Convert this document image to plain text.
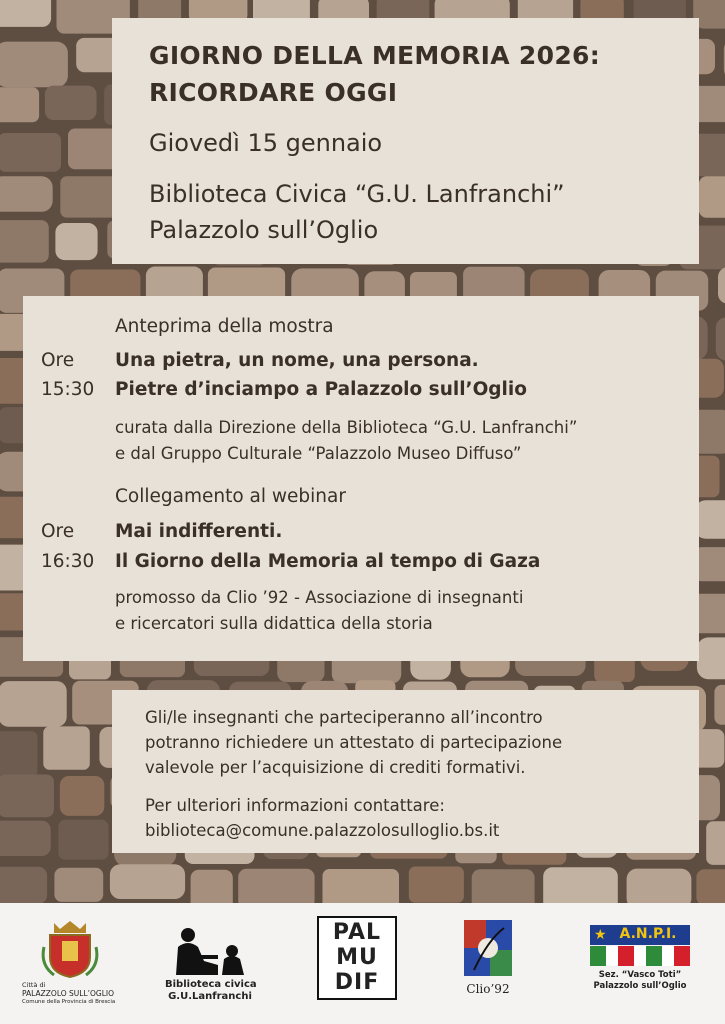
GIORNO DELLA MEMORIA 2026:
RICORDARE OGGI
Giovedì 15 gennaio
Biblioteca Civica “G.U. Lanfranchi”
Palazzolo sull’Oglio
Anteprima della mostra
Ore
15:30
Una pietra, un nome, una persona.
Pietre d’inciampo a Palazzolo sull’Oglio
curata dalla Direzione della Biblioteca “G.U. Lanfranchi”
e dal Gruppo Culturale “Palazzolo Museo Diffuso”
Collegamento al webinar
Ore
16:30
Mai indifferenti.
Il Giorno della Memoria al tempo di Gaza
promosso da Clio ’92 - Associazione di insegnanti
e ricercatori sulla didattica della storia
Gli/le insegnanti che parteciperanno all’incontro
potranno richiedere un attestato di partecipazione
valevole per l’acquisizione di crediti formativi.
Per ulteriori informazioni contattare:
biblioteca@comune.palazzolosulloglio.bs.it
Città di
PALAZZOLO SULL’OGLIO
Comune della Provincia di Brescia
Biblioteca civica
G.U.Lanfranchi
PAL
MU
DIF	Clio’92
★ A.N.P.I.
Sez. “Vasco Toti”
Palazzolo sull’Oglio
